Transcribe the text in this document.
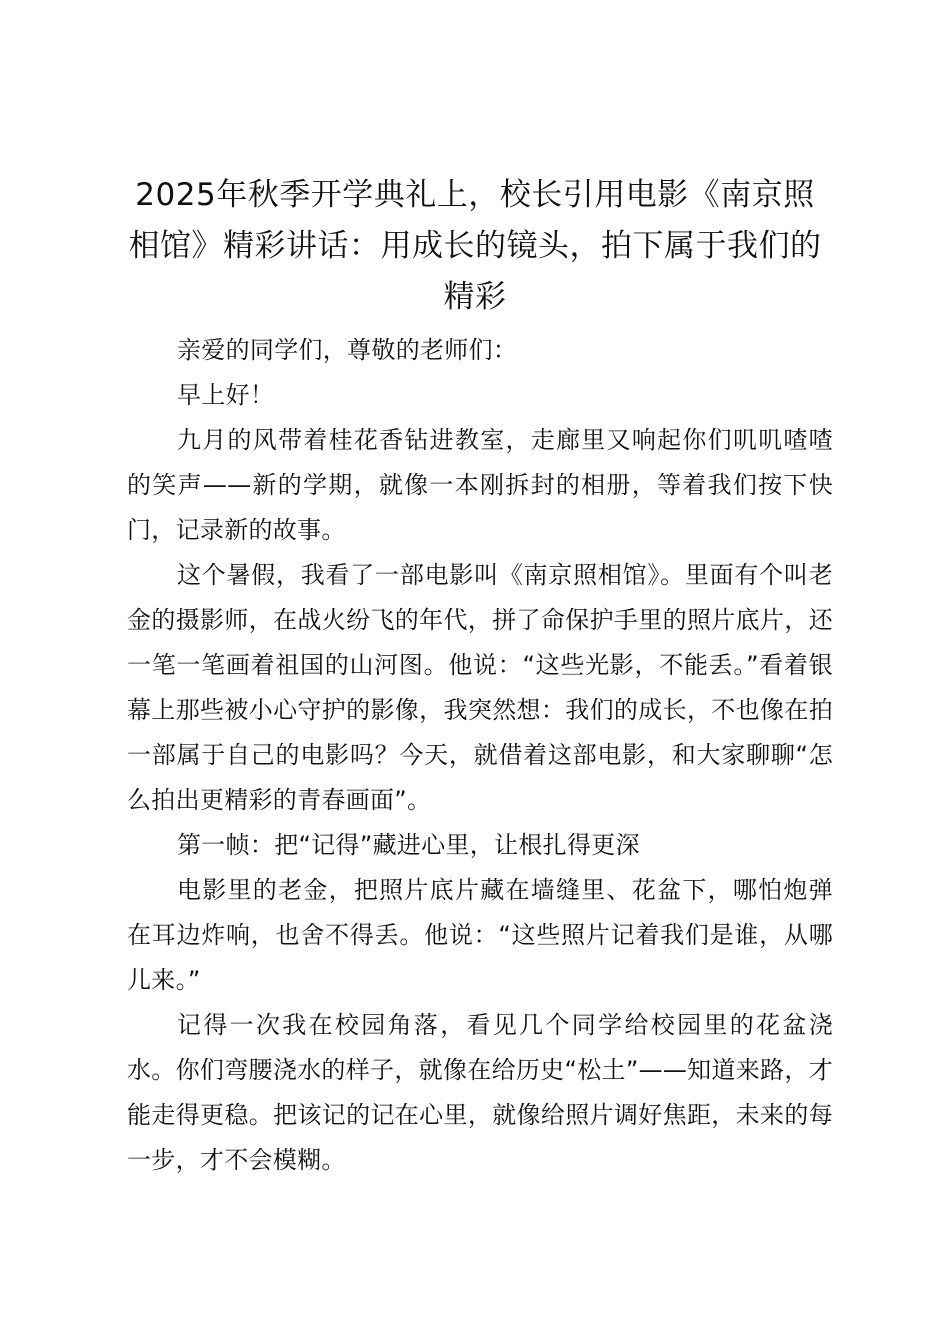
2025年秋季开学典礼上，校长引用电影《南京照相馆》精彩讲话：用成长的镜头，拍下属于我们的精彩

亲爱的同学们，尊敬的老师们：

早上好！

九月的风带着桂花香钻进教室，走廊里又响起你们叽叽喳喳的笑声——新的学期，就像一本刚拆封的相册，等着我们按下快门，记录新的故事。

这个暑假，我看了一部电影叫《南京照相馆》。里面有个叫老金的摄影师，在战火纷飞的年代，拼了命保护手里的照片底片，还一笔一笔画着祖国的山河图。他说：“这些光影，不能丢。”看着银幕上那些被小心守护的影像，我突然想：我们的成长，不也像在拍一部属于自己的电影吗？今天，就借着这部电影，和大家聊聊“怎么拍出更精彩的青春画面”。

第一帧：把“记得”藏进心里，让根扎得更深

电影里的老金，把照片底片藏在墙缝里、花盆下，哪怕炮弹在耳边炸响，也舍不得丢。他说：“这些照片记着我们是谁，从哪儿来。”

记得一次我在校园角落，看见几个同学给校园里的花盆浇水。你们弯腰浇水的样子，就像在给历史“松土”——知道来路，才能走得更稳。把该记的记在心里，就像给照片调好焦距，未来的每一步，才不会模糊。
